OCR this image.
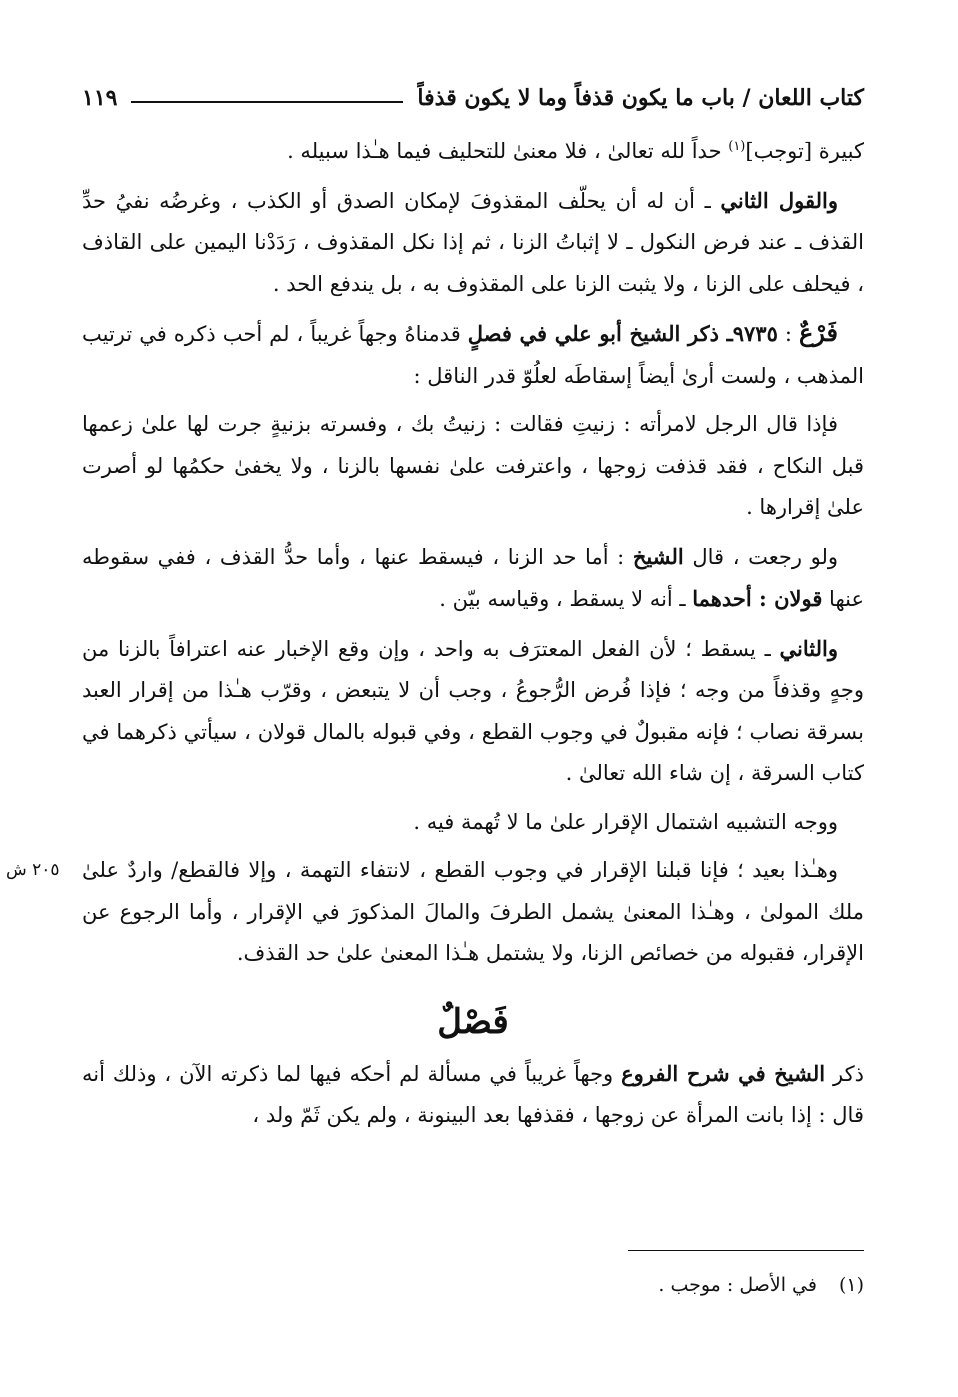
كتاب اللعان / باب ما يكون قذفاً وما لا يكون قذفاً
١١٩

كبيرة [توجب]$^{(١)}$ حداً لله تعالىٰ ، فلا معنىٰ للتحليف فيما هـٰذا سبيله .

والقول الثاني ـ أن له أن يحلّف المقذوفَ لإمكان الصدق أو الكذب ، وغرضُه نفيُ حدِّ القذف ـ عند فرض النكول ـ لا إثباتُ الزنا ، ثم إذا نكل المقذوف ، رَدَدْنا اليمين على القاذف ، فيحلف على الزنا ، ولا يثبت الزنا على المقذوف به ، بل يندفع الحد .

فَرْعٌ : ٩٧٣٥ـ ذكر الشيخ أبو علي في فصلٍ قدمناهُ وجهاً غريباً ، لم أحب ذكره في ترتيب المذهب ، ولست أرىٰ أيضاً إسقاطَه لعلُوّ قدر الناقل :

فإذا قال الرجل لامرأته : زنيتِ فقالت : زنيتُ بك ، وفسرته بزنيةٍ جرت لها علىٰ زعمها قبل النكاح ، فقد قذفت زوجها ، واعترفت علىٰ نفسها بالزنا ، ولا يخفىٰ حكمُها لو أصرت علىٰ إقرارها .

ولو رجعت ، قال الشيخ : أما حد الزنا ، فيسقط عنها ، وأما حدُّ القذف ، ففي سقوطه عنها قولان : أحدهما ـ أنه لا يسقط ، وقياسه بيّن .

والثاني ـ يسقط ؛ لأن الفعل المعترَف به واحد ، وإن وقع الإخبار عنه اعترافاً بالزنا من وجهٍ وقذفاً من وجه ؛ فإذا فُرض الرُّجوعُ ، وجب أن لا يتبعض ، وقرّب هـٰذا من إقرار العبد بسرقة نصاب ؛ فإنه مقبولٌ في وجوب القطع ، وفي قبوله بالمال قولان ، سيأتي ذكرهما في كتاب السرقة ، إن شاء الله تعالىٰ .

ووجه التشبيه اشتمال الإقرار علىٰ ما لا تُهمة فيه .

٢٠٥ ش	وهـٰذا بعيد ؛ فإنا قبلنا الإقرار في وجوب القطع ، لانتفاء التهمة ، وإلا فالقطع/ واردٌ علىٰ ملك المولىٰ ، وهـٰذا المعنىٰ يشمل الطرفَ والمالَ المذكورَ في الإقرار ، وأما الرجوع عن الإقرار، فقبوله من خصائص الزنا، ولا يشتمل هـٰذا المعنىٰ علىٰ حد القذف.

فَصْلٌ

ذكر الشيخ في شرح الفروع وجهاً غريباً في مسألة لم أحكه فيها لما ذكرته الآن ، وذلك أنه قال : إذا بانت المرأة عن زوجها ، فقذفها بعد البينونة ، ولم يكن ثَمّ ولد ،

(١)في الأصل : موجب .
